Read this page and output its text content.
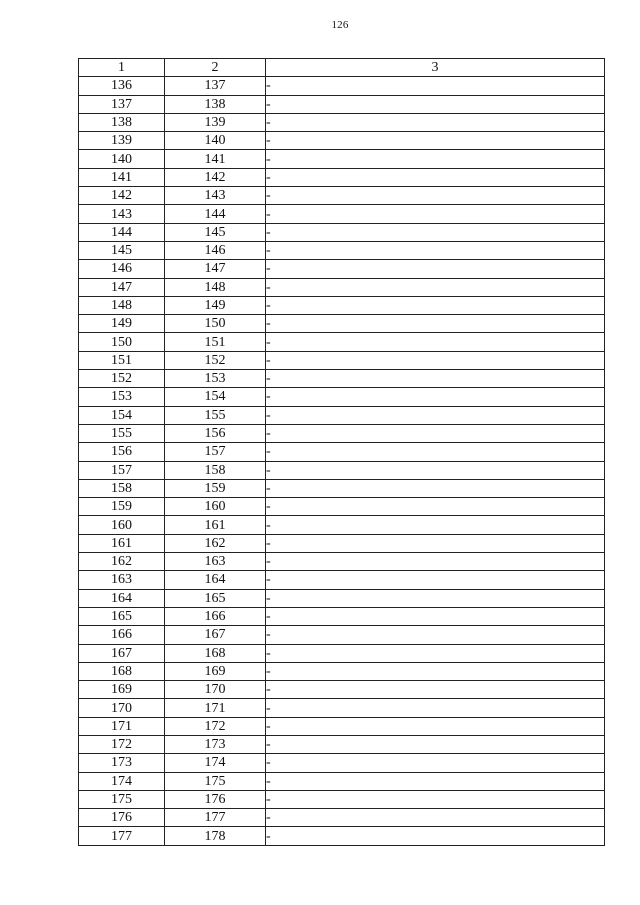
126
1	2	3
136	137	-
137	138	-
138	139	-
139	140	-
140	141	-
141	142	-
142	143	-
143	144	-
144	145	-
145	146	-
146	147	-
147	148	-
148	149	-
149	150	-
150	151	-
151	152	-
152	153	-
153	154	-
154	155	-
155	156	-
156	157	-
157	158	-
158	159	-
159	160	-
160	161	-
161	162	-
162	163	-
163	164	-
164	165	-
165	166	-
166	167	-
167	168	-
168	169	-
169	170	-
170	171	-
171	172	-
172	173	-
173	174	-
174	175	-
175	176	-
176	177	-
177	178	-
